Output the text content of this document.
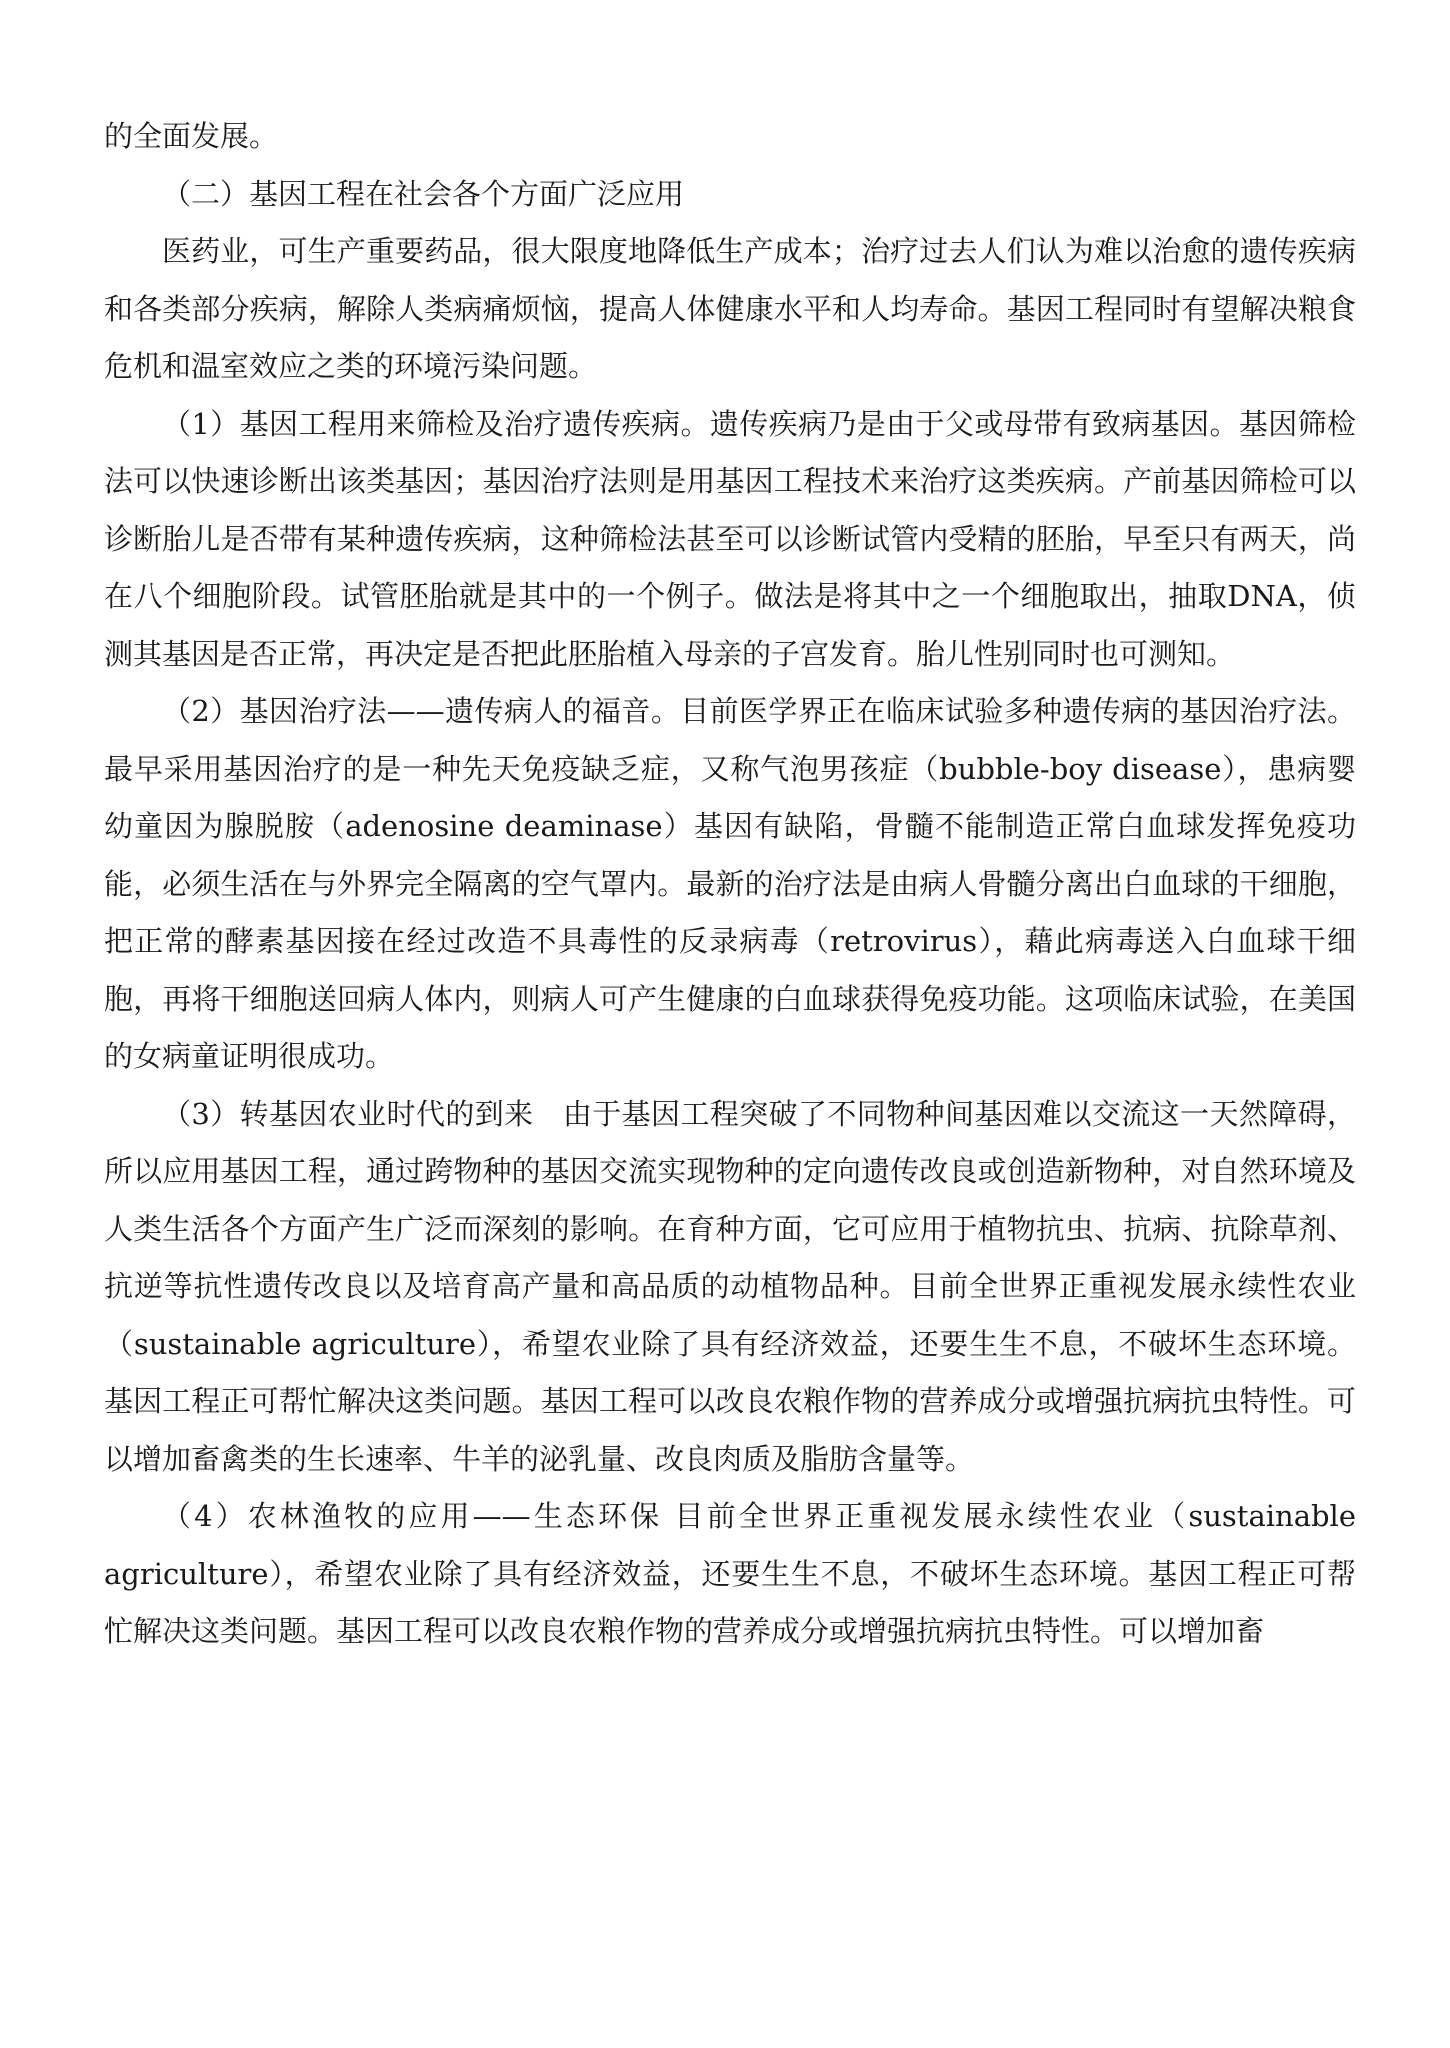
的全面发展。

（二）基因工程在社会各个方面广泛应用

医药业，可生产重要药品，很大限度地降低生产成本；治疗过去人们认为难以治愈的遗传疾病和各类部分疾病，解除人类病痛烦恼，提高人体健康水平和人均寿命。基因工程同时有望解决粮食危机和温室效应之类的环境污染问题。

（1）基因工程用来筛检及治疗遗传疾病。遗传疾病乃是由于父或母带有致病基因。基因筛检法可以快速诊断出该类基因；基因治疗法则是用基因工程技术来治疗这类疾病。产前基因筛检可以诊断胎儿是否带有某种遗传疾病，这种筛检法甚至可以诊断试管内受精的胚胎，早至只有两天，尚在八个细胞阶段。试管胚胎就是其中的一个例子。做法是将其中之一个细胞取出，抽取DNA，侦测其基因是否正常，再决定是否把此胚胎植入母亲的子宫发育。胎儿性别同时也可测知。

（2）基因治疗法——遗传病人的福音。目前医学界正在临床试验多种遗传病的基因治疗法。最早采用基因治疗的是一种先天免疫缺乏症，又称气泡男孩症（bubble-boy disease），患病婴幼童因为腺脱胺（adenosine deaminase）基因有缺陷，骨髓不能制造正常白血球发挥免疫功能，必须生活在与外界完全隔离的空气罩内。最新的治疗法是由病人骨髓分离出白血球的干细胞，把正常的酵素基因接在经过改造不具毒性的反录病毒（retrovirus），藉此病毒送入白血球干细胞，再将干细胞送回病人体内，则病人可产生健康的白血球获得免疫功能。这项临床试验，在美国的女病童证明很成功。

（3）转基因农业时代的到来　由于基因工程突破了不同物种间基因难以交流这一天然障碍，所以应用基因工程，通过跨物种的基因交流实现物种的定向遗传改良或创造新物种，对自然环境及人类生活各个方面产生广泛而深刻的影响。在育种方面，它可应用于植物抗虫、抗病、抗除草剂、抗逆等抗性遗传改良以及培育高产量和高品质的动植物品种。目前全世界正重视发展永续性农业（sustainable agriculture），希望农业除了具有经济效益，还要生生不息，不破坏生态环境。基因工程正可帮忙解决这类问题。基因工程可以改良农粮作物的营养成分或增强抗病抗虫特性。可以增加畜禽类的生长速率、牛羊的泌乳量、改良肉质及脂肪含量等。

（4）农林渔牧的应用——生态环保 目前全世界正重视发展永续性农业（sustainable agriculture），希望农业除了具有经济效益，还要生生不息，不破坏生态环境。基因工程正可帮忙解决这类问题。基因工程可以改良农粮作物的营养成分或增强抗病抗虫特性。可以增加畜
